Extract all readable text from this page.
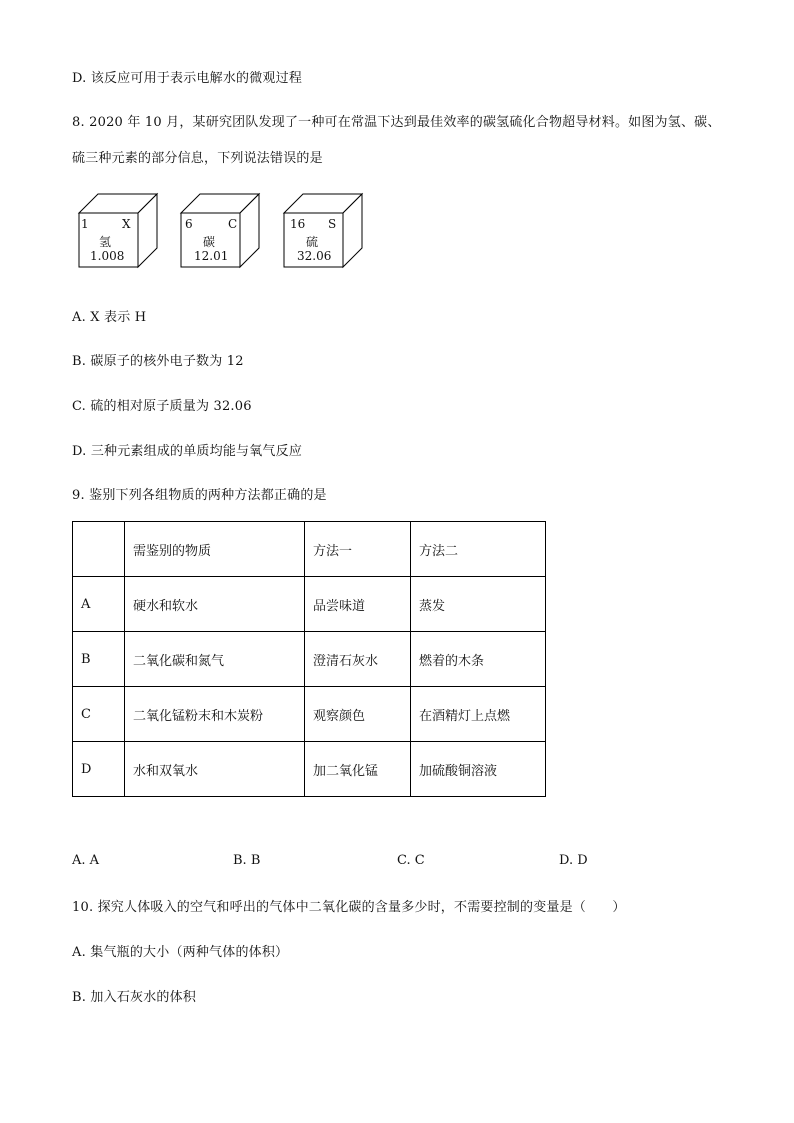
D. 该反应可用于表示电解水的微观过程
8. 2020 年 10 月，某研究团队发现了一种可在常温下达到最佳效率的碳氢硫化合物超导材料。如图为氢、碳、硫三种元素的部分信息，下列说法错误的是
1	X
氢
1.008
6	C
碳
12.01
16 S
硫
32.06
A. X 表示 H
B. 碳原子的核外电子数为 12
C. 硫的相对原子质量为 32.06
D. 三种元素组成的单质均能与氧气反应
9. 鉴别下列各组物质的两种方法都正确的是
	需鉴别的物质	方法一	方法二
A	硬水和软水	品尝味道	蒸发
B	二氧化碳和氮气	澄清石灰水	燃着的木条
C	二氧化锰粉末和木炭粉	观察颜色	在酒精灯上点燃
D	水和双氧水	加二氧化锰	加硫酸铜溶液
A. A	B. B	C. C	D. D
10. 探究人体吸入的空气和呼出的气体中二氧化碳的含量多少时，不需要控制的变量是（　　）
A. 集气瓶的大小（两种气体的体积）
B. 加入石灰水的体积
